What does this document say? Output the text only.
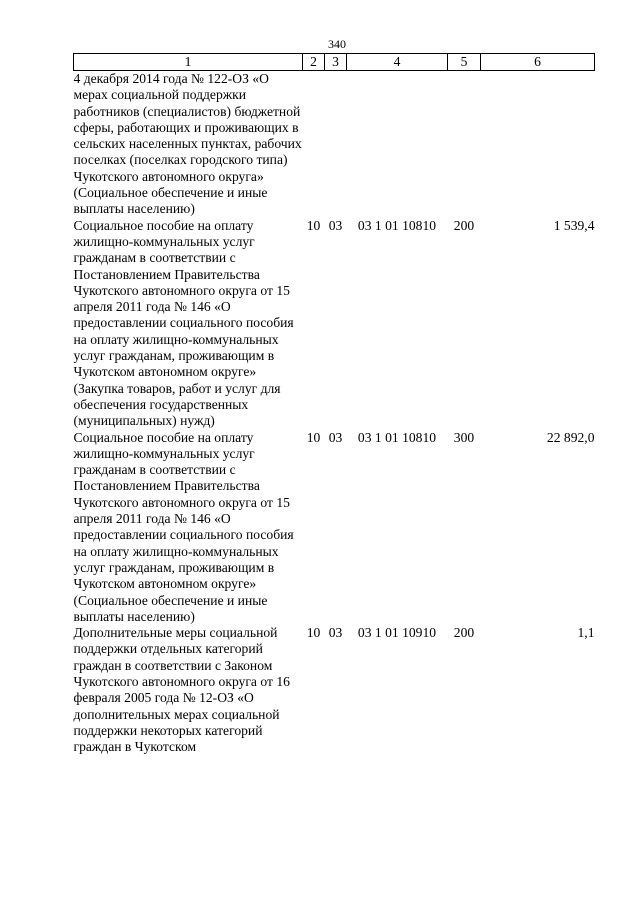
340
1	2	3	4	5	6
4 декабря 2014 года № 122-ОЗ «О мерах социальной поддержки работников (специалистов) бюджетной сферы, работающих и проживающих в сельских населенных пунктах, рабочих поселках (поселках городского типа) Чукотского автономного округа» (Социальное обеспечение и иные выплаты населению)					
Социальное пособие на оплату жилищно-коммунальных услуг гражданам в соответствии с Постановлением Правительства Чукотского автономного округа от 15 апреля 2011 года № 146 «О предоставлении социального пособия на оплату жилищно-коммунальных услуг гражданам, проживающим в Чукотском автономном округе» (Закупка товаров, работ и услуг для обеспечения государственных (муниципальных) нужд)	10	03	03 1 01 10810	200	1 539,4
Социальное пособие на оплату жилищно-коммунальных услуг гражданам в соответствии с Постановлением Правительства Чукотского автономного округа от 15 апреля 2011 года № 146 «О предоставлении социального пособия на оплату жилищно-коммунальных услуг гражданам, проживающим в Чукотском автономном округе» (Социальное обеспечение и иные выплаты населению)	10	03	03 1 01 10810	300	22 892,0
Дополнительные меры социальной поддержки отдельных категорий граждан в соответствии с Законом Чукотского автономного округа от 16 февраля 2005 года № 12-ОЗ «О дополнительных мерах социальной поддержки некоторых категорий граждан в Чукотском	10	03	03 1 01 10910	200	1,1
